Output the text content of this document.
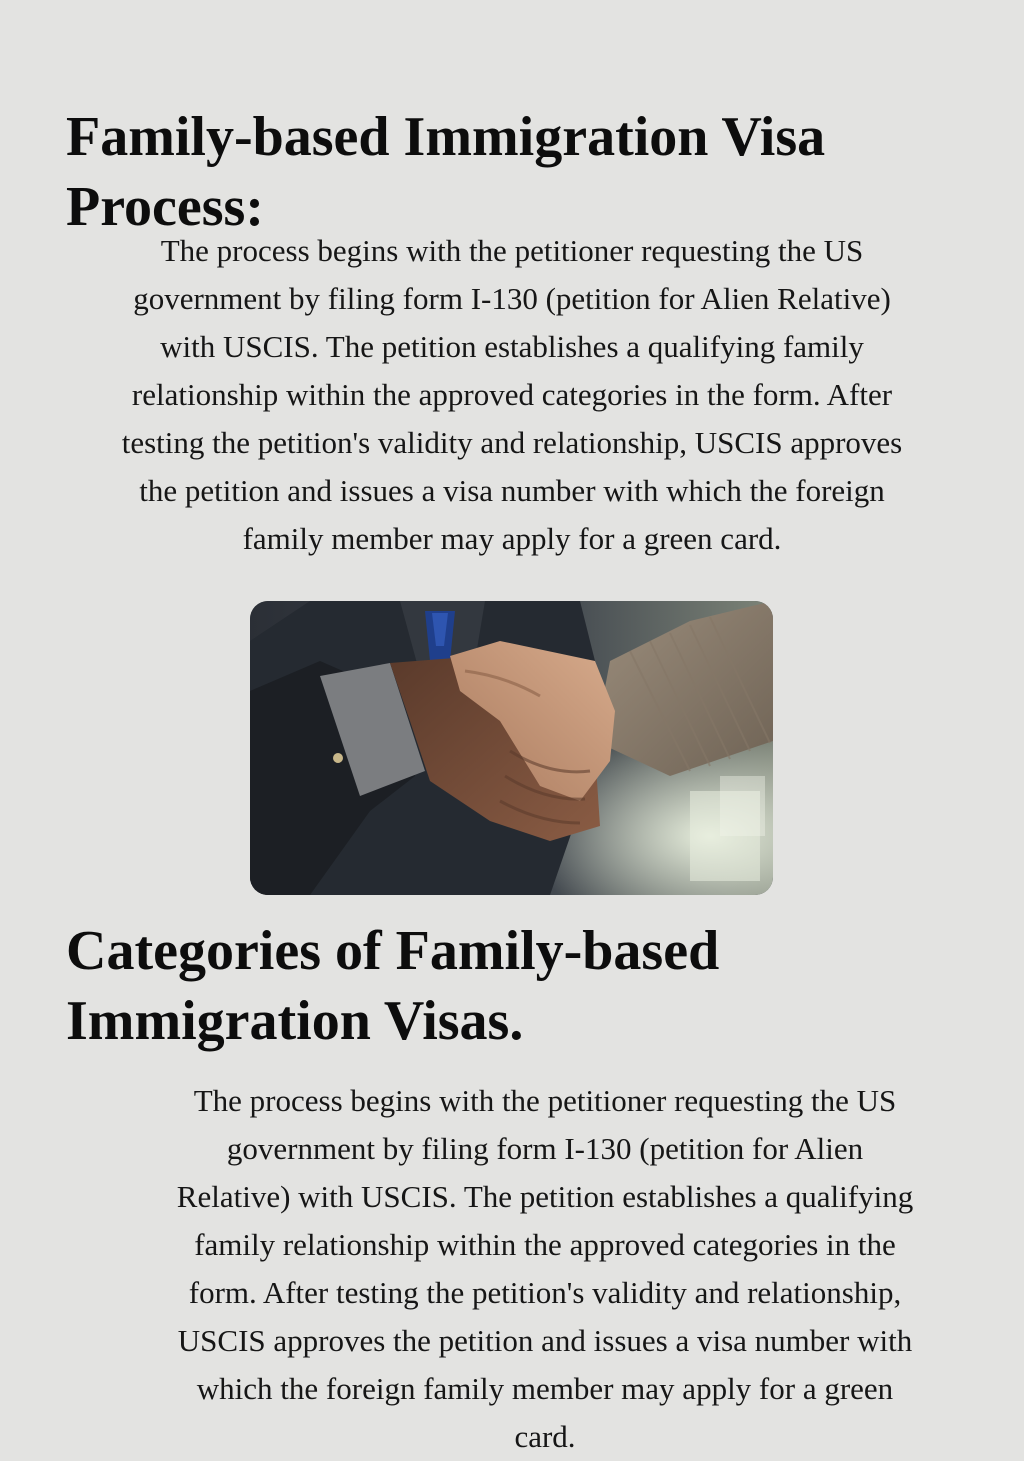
Family-based Immigration Visa
Process:

The process begins with the petitioner requesting the US
government by filing form I-130 (petition for Alien Relative)
with USCIS. The petition establishes a qualifying family
relationship within the approved categories in the form. After
testing the petition's validity and relationship, USCIS approves
the petition and issues a visa number with which the foreign
family member may apply for a green card.

Categories of Family-based
Immigration Visas.

The process begins with the petitioner requesting the US
government by filing form I-130 (petition for Alien
Relative) with USCIS. The petition establishes a qualifying
family relationship within the approved categories in the
form. After testing the petition's validity and relationship,
USCIS approves the petition and issues a visa number with
which the foreign family member may apply for a green
card.
